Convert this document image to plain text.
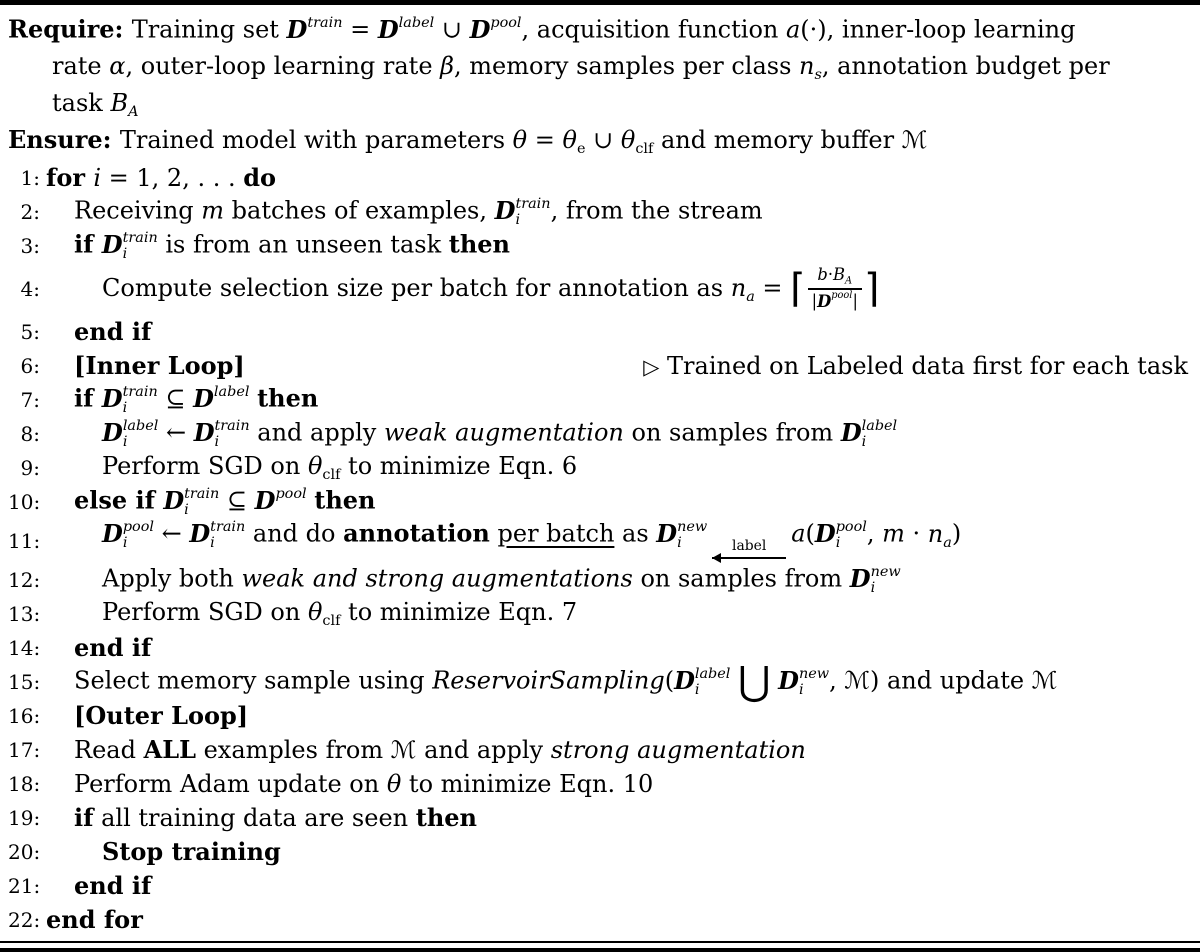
Require: Training set D train
= D label
∪ D pool
, acquisition function a(·), inner-loop learning
rate α, outer-loop learning rate β, memory samples per class $n_s$, annotation budget per
task $B_A$
Ensure: Trained model with parameters $\theta = \theta_e$ ∪ $\theta_{clf}$ and memory buffer ℳ
1: for i = 1, 2, . . . do
2: Receiving m batches of examples, D train
i	, from the stream
3: if D train
i	is from an unseen task then
4:	Compute selection size per batch for annotation as $n_a$ = ⌈ $b\cdot B_A$
|D pool
| ⌉
5: end if
6: [Inner Loop]	▷ Trained on Labeled data first for each task
7: if D train
i	⊆ D label
then
8:	D label
i	← D train
i	and apply weak augmentation on samples from D label
i
9:	Perform SGD on $\theta_{clf}$ to minimize Eqn. 6
10: else if D train
i	⊆ D pool
then
11:	D pool
i	← D train
i	and do annotation per batch as D new
i	label a(D pool
i	, $m \cdot n_a$)
12:	Apply both weak and strong augmentations on samples from D new
i
13:	Perform SGD on $\theta_{clf}$ to minimize Eqn. 7
14: end if
15: Select memory sample using ReservoirSampling(D label
i ⋃ D new
i	, ℳ) and update ℳ
16: [Outer Loop]
17: Read ALL examples from ℳ and apply strong augmentation
18: Perform Adam update on θ to minimize Eqn. 10
19: if all training data are seen then
20:	Stop training
21: end if
22: end for
